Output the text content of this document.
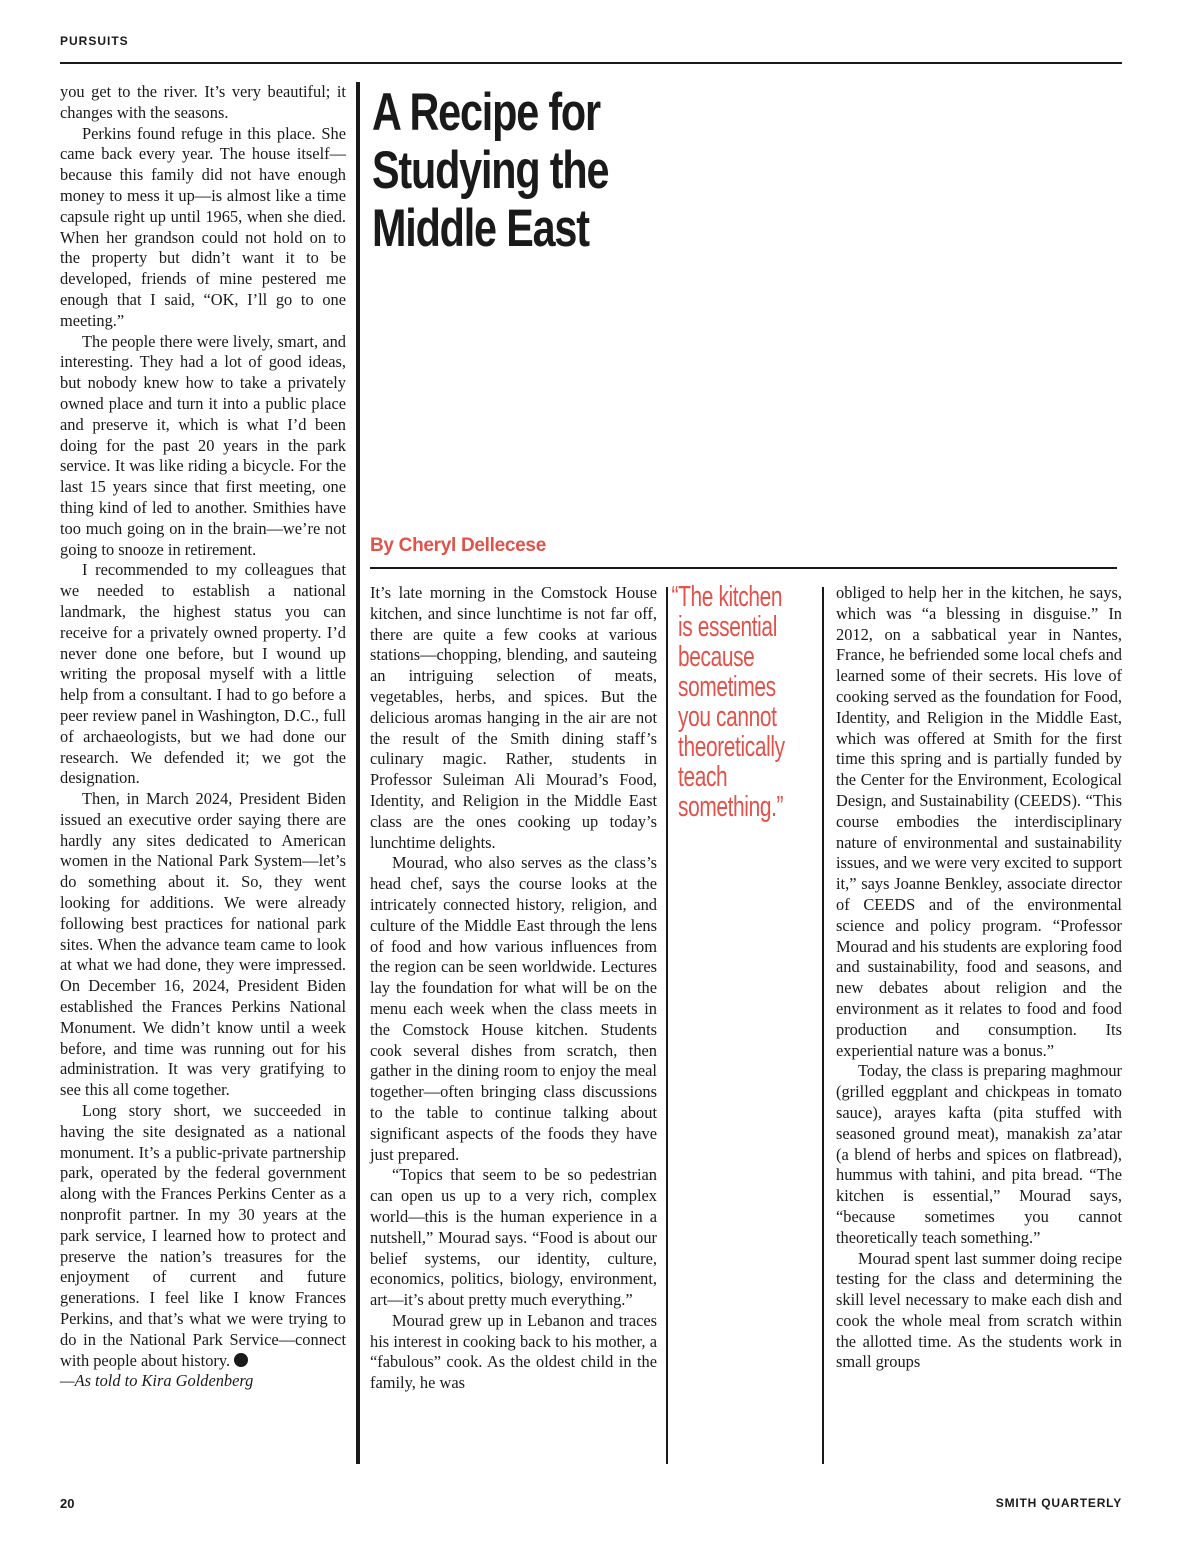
PURSUITS

you get to the river. It’s very beautiful; it changes with the seasons.

Perkins found refuge in this place. She came back every year. The house itself—because this family did not have enough money to mess it up—is almost like a time capsule right up until 1965, when she died. When her grandson could not hold on to the property but didn’t want it to be developed, friends of mine pestered me enough that I said, “OK, I’ll go to one meeting.”

The people there were lively, smart, and interesting. They had a lot of good ideas, but nobody knew how to take a privately owned place and turn it into a public place and preserve it, which is what I’d been doing for the past 20 years in the park service. It was like riding a bicycle. For the last 15 years since that first meeting, one thing kind of led to another. Smithies have too much going on in the brain—we’re not going to snooze in retirement.

I recommended to my colleagues that we needed to establish a national landmark, the highest status you can receive for a privately owned property. I’d never done one before, but I wound up writing the proposal myself with a little help from a consultant. I had to go before a peer review panel in Washington, D.C., full of archaeologists, but we had done our research. We defended it; we got the designation.

Then, in March 2024, President Biden issued an executive order saying there are hardly any sites dedicated to American women in the National Park System—let’s do something about it. So, they went looking for additions. We were already following best practices for national park sites. When the advance team came to look at what we had done, they were impressed. On December 16, 2024, President Biden established the Frances Perkins National Monument. We didn’t know until a week before, and time was running out for his administration. It was very gratifying to see this all come together.

Long story short, we succeeded in having the site designated as a national monument. It’s a public-private partnership park, operated by the federal government along with the Frances Perkins Center as a nonprofit partner. In my 30 years at the park service, I learned how to protect and preserve the nation’s treasures for the enjoyment of current and future generations. I feel like I know Frances Perkins, and that’s what we were trying to do in the National Park Service—connect with people about history.

—As told to Kira Goldenberg

A Recipe for Studying the Middle East
By Cheryl Dellecese

It’s late morning in the Comstock House kitchen, and since lunchtime is not far off, there are quite a few cooks at various stations—chopping, blending, and sauteing an intriguing selection of meats, vegetables, herbs, and spices. But the delicious aromas hanging in the air are not the result of the Smith dining staff’s culinary magic. Rather, students in Professor Suleiman Ali Mourad’s Food, Identity, and Religion in the Middle East class are the ones cooking up today’s lunchtime delights.

Mourad, who also serves as the class’s head chef, says the course looks at the intricately connected history, religion, and culture of the Middle East through the lens of food and how various influences from the region can be seen worldwide. Lectures lay the foundation for what will be on the menu each week when the class meets in the Comstock House kitchen. Students cook several dishes from scratch, then gather in the dining room to enjoy the meal together—often bringing class discussions to the table to continue talking about significant aspects of the foods they have just prepared.

“Topics that seem to be so pedestrian can open us up to a very rich, complex world—this is the human experience in a nutshell,” Mourad says. “Food is about our belief systems, our identity, culture, economics, politics, biology, environment, art—it’s about pretty much everything.”

Mourad grew up in Lebanon and traces his interest in cooking back to his mother, a “fabulous” cook. As the oldest child in the family, he was

“The kitchen
is essential
because
sometimes
you cannot
theoretically
teach
something.”

obliged to help her in the kitchen, he says, which was “a blessing in disguise.” In 2012, on a sabbatical year in Nantes, France, he befriended some local chefs and learned some of their secrets. His love of cooking served as the foundation for Food, Identity, and Religion in the Middle East, which was offered at Smith for the first time this spring and is partially funded by the Center for the Environment, Ecological Design, and Sustainability (CEEDS). “This course embodies the interdisciplinary nature of environmental and sustainability issues, and we were very excited to support it,” says Joanne Benkley, associate director of CEEDS and of the environmental science and policy program. “Professor Mourad and his students are exploring food and sustainability, food and seasons, and new debates about religion and the environment as it relates to food and food production and consumption. Its experiential nature was a bonus.”

Today, the class is preparing maghmour (grilled eggplant and chickpeas in tomato sauce), arayes kafta (pita stuffed with seasoned ground meat), manakish za’atar (a blend of herbs and spices on flatbread), hummus with tahini, and pita bread. “The kitchen is essential,” Mourad says, “because sometimes you cannot theoretically teach something.”

Mourad spent last summer doing recipe testing for the class and determining the skill level necessary to make each dish and cook the whole meal from scratch within the allotted time. As the students work in small groups

20	SMITH QUARTERLY
